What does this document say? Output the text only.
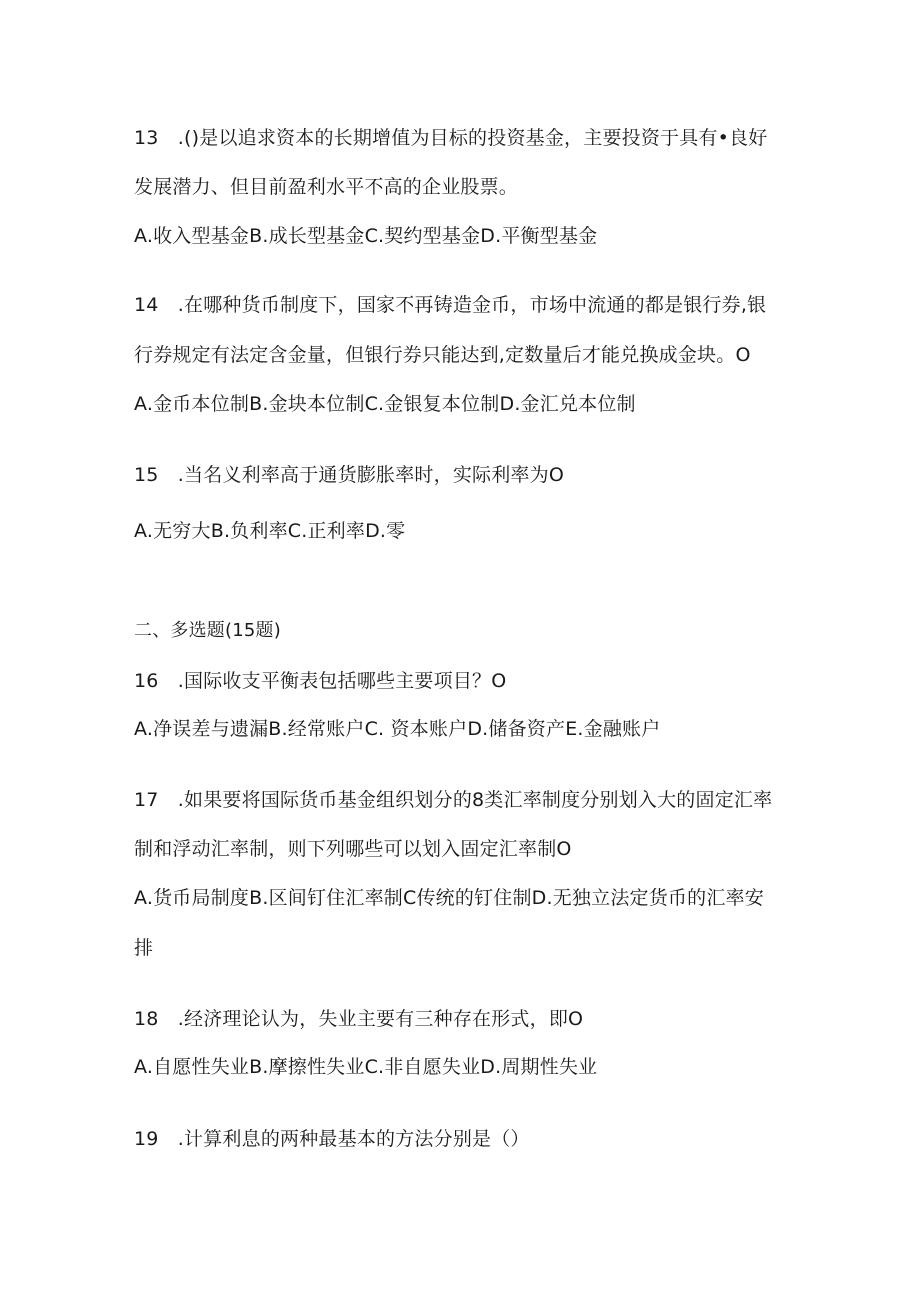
13　.()是以追求资本的长期增值为目标的投资基金，主要投资于具有•良好
发展潜力、但目前盈利水平不高的企业股票。
A.收入型基金B.成长型基金C.契约型基金D.平衡型基金
14　.在哪种货币制度下，国家不再铸造金币，市场中流通的都是银行券,银
行券规定有法定含金量，但银行券只能达到,定数量后才能兑换成金块。O
A.金币本位制B.金块本位制C.金银复本位制D.金汇兑本位制
15　.当名义利率高于通货膨胀率时，实际利率为O
A.无穷大B.负利率C.正利率D.零
二、多选题(15题)
16　.国际收支平衡表包括哪些主要项目？O
A.净误差与遗漏B.经常账户C. 资本账户D.储备资产E.金融账户
17　.如果要将国际货币基金组织划分的8类汇率制度分别划入大的固定汇率
制和浮动汇率制，则下列哪些可以划入固定汇率制O
A.货币局制度B.区间钉住汇率制C传统的钉住制D.无独立法定货币的汇率安
排
18　.经济理论认为，失业主要有三种存在形式，即O
A.自愿性失业B.摩擦性失业C.非自愿失业D.周期性失业
19　.计算利息的两种最基本的方法分别是（）
